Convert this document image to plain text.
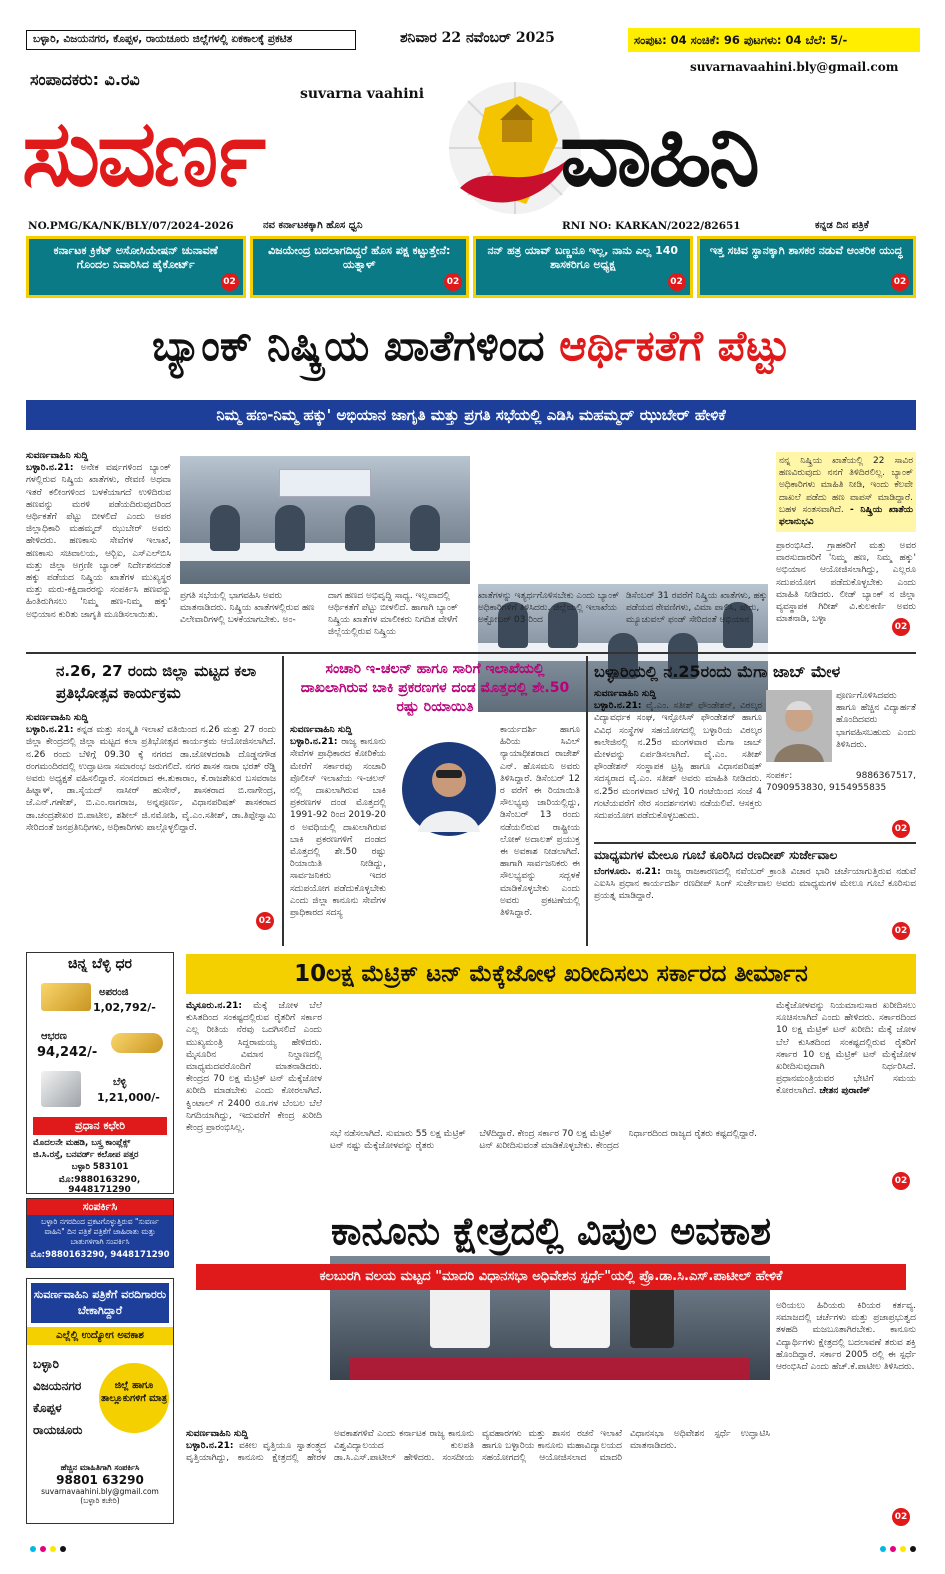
ಬಳ್ಳಾರಿ, ವಿಜಯನಗರ, ಕೊಪ್ಪಳ, ರಾಯಚೂರು ಜಿಲ್ಲೆಗಳಲ್ಲಿ ಏಕಕಾಲಕ್ಕೆ ಪ್ರಕಟಿತ	ಶನಿವಾರ 22 ನವೆಂಬರ್ 2025	ಸಂಪುಟ: 04 ಸಂಚಿಕೆ: 96 ಪುಟಗಳು: 04 ಬೆಲೆ: 5/-
suvarnavaahini.bly@gmail.com
ಸಂಪಾದಕರು: ವಿ.ರವಿ
suvarna vaahini
ಸುವರ್ಣ	ವಾಹಿನಿ
NO.PMG/KA/NK/BLY/07/2024-2026	ನವ ಕರ್ನಾಟಕಕ್ಕಾಗಿ ಹೊಸ ಧ್ವನಿ	RNI NO: KARKAN/2022/82651	ಕನ್ನಡ ದಿನ ಪತ್ರಿಕೆ
ಕರ್ನಾಟಕ ಕ್ರಿಕೆಟ್ ಅಸೋಸಿಯೇಷನ್ ಚುನಾವಣೆ ಗೊಂದಲ ನಿವಾರಿಸಿದ ಹೈಕೋರ್ಟ್
02
ವಿಜಯೇಂದ್ರ ಬದಲಾಗದಿದ್ದರೆ ಹೊಸ ಪಕ್ಷ ಕಟ್ಟುತ್ತೇನೆ: ಯತ್ನಾಳ್
02
ನನ್ ಹತ್ರ ಯಾವ್ ಬಣ್ಣನೂ ಇಲ್ಲ, ನಾನು ಎಲ್ಲ 140 ಶಾಸಕರಿಗೂ ಅಧ್ಯಕ್ಷ
02
ಇತ್ತ ಸಚಿವ ಸ್ಥಾನಕ್ಕಾಗಿ ಶಾಸಕರ ನಡುವೆ ಆಂತರಿಕ ಯುದ್ಧ
02
ಬ್ಯಾಂಕ್ ನಿಷ್ಕ್ರಿಯ ಖಾತೆಗಳಿಂದ ಆರ್ಥಿಕತೆಗೆ ಪೆಟ್ಟು
ನಿಮ್ಮ ಹಣ-ನಿಮ್ಮ ಹಕ್ಕು' ಅಭಿಯಾನ ಜಾಗೃತಿ ಮತ್ತು ಪ್ರಗತಿ ಸಭೆಯಲ್ಲಿ ಎಡಿಸಿ ಮಹಮ್ಮದ್ ಝುಬೇರ್ ಹೇಳಿಕೆ
ಸುವರ್ಣವಾಹಿನಿ ಸುದ್ದಿ
ಬಳ್ಳಾರಿ.ನ.21: ಅನೇಕ ವರ್ಷಗಳಿಂದ ಬ್ಯಾಂಕ್ ಗಳಲ್ಲಿರುವ ನಿಷ್ಕ್ರಿಯ ಖಾತೆಗಳು, ಠೇವಣಿ ಅಥವಾ ಇತರೆ ಕಲೀಂಗಳಿಂದ ಬಳಕೆಯಾಗದೆ ಉಳಿದಿರುವ ಹಣವನ್ನು ಮರಳಿ ಪಡೆಯದಿರುವುದರಿಂದ ಆರ್ಥಿಕತೆಗೆ ಪೆಟ್ಟು ಬೀಳಲಿದೆ ಎಂದು ಅಪರ ಜಿಲ್ಲಾಧಿಕಾರಿ ಮಹಮ್ಮದ್ ಝುಬೇರ್ ಅವರು ಹೇಳಿದರು. ಹಣಕಾಸು ಸೇವೆಗಳ ಇಲಾಖೆ, ಹಣಕಾಸು ಸಚಿವಾಲಯ, ಆರ್‍ಬಿಐ, ಎಸ್‍ಎಲ್‍ಬಿಸಿ ಮತ್ತು ಜಿಲ್ಲಾ ಅಗ್ರಣೀ ಬ್ಯಾಂಕ್ ನಿರ್ದೇಶನದಂತೆ ಹಕ್ಕು ಪಡೆಯದ ನಿಷ್ಕ್ರಿಯ ಖಾತೆಗಳ ಮುಖ್ಯಸ್ಥರ ಮತ್ತು ಮರು-ಕಕ್ಷಿದಾರರನ್ನು ಸಂಪರ್ಕಿಸಿ ಹಣವನ್ನು ಹಿಂತಿರುಗಿಸಲು 'ನಿಮ್ಮ ಹಣ-ನಿಮ್ಮ ಹಕ್ಕು' ಅಭಿಯಾನ ಕುರಿತು ಜಾಗೃತಿ ಮೂಡಿಸಲಾಯಿತು.
ಪ್ರಗತಿ ಸಭೆಯಲ್ಲಿ ಭಾಗವಹಿಸಿ ಅವರು ಮಾತನಾಡಿದರು. ನಿಷ್ಕ್ರಿಯ ಖಾತೆಗಳಲ್ಲಿರುವ ಹಣ ವಿಲೇವಾರಿಗಳಲ್ಲಿ ಬಳಕೆಯಾಗಬೇಕು. ಅಂ-
ದಾಗ ಹಣದ ಅಭಿವೃದ್ಧಿ ಸಾಧ್ಯ. ಇಲ್ಲವಾದಲ್ಲಿ ಆರ್ಥಿಕತೆಗೆ ಪೆಟ್ಟು ಬೀಳಲಿದೆ. ಹಾಗಾಗಿ ಬ್ಯಾಂಕ್ ನಿಷ್ಕ್ರಿಯ ಖಾತೆಗಳ ಮಾಲೀಕರು ನಿಗದಿತ ವೇಳೆಗೆ ಜಿಲ್ಲೆಯಲ್ಲಿರುವ ನಿಷ್ಕ್ರಿಯ
ಖಾತೆಗಳನ್ನು ಇತ್ಯರ್ಥಗೊಳಿಸಬೇಕು ಎಂದು ಬ್ಯಾಂಕ್ ಅಧಿಕಾರಿಗಳಿಗೆ ತಿಳಿಸಿದರು. ಜಿಲ್ಲೆಯಲ್ಲಿ ಇಲಾಖೆಯ ಅಕ್ಟೋಬರ್ 03 ರಿಂದ
ಡಿಸೆಂಬರ್ 31 ರವರೆಗೆ ನಿಷ್ಕ್ರಿಯ ಖಾತೆಗಳು, ಹಕ್ಕು ಪಡೆಯದ ಠೇವಣಿಗಳು, ವಿಮಾ ಪಾಲಿಸಿ, ಷೇರು, ಮ್ಯೂಚುವಲ್ ಫಂಡ್ ಸೇರಿದಂತೆ ಅಭಿಯಾನ
ನನ್ನ ನಿಷ್ಕ್ರಿಯ ಖಾತೆಯಲ್ಲಿ 22 ಸಾವಿರ ಹಣವಿರುವುದು ನನಗೆ ತಿಳಿದಿರಲಿಲ್ಲ. ಬ್ಯಾಂಕ್ ಅಧಿಕಾರಿಗಳು ಮಾಹಿತಿ ನೀಡಿ, ಇಂದು ಕೆಲವೇ ದಾಖಲೆ ಪಡೆದು ಹಣ ವಾಪಸ್ ಮಾಡಿದ್ದಾರೆ. ಬಹಳ ಸಂತಸವಾಗಿದೆ. - ನಿಷ್ಕ್ರಿಯ ಖಾತೆಯ ಫಲಾನುಭವಿ
ಪ್ರಾರಂಭಿಸಿದೆ. ಗ್ರಾಹಕರಿಗೆ ಮತ್ತು ಅವರ ವಾರಸುದಾರರಿಗೆ 'ನಿಮ್ಮ ಹಣ, ನಿಮ್ಮ ಹಕ್ಕು' ಅಭಿಯಾನ ಆಯೋಜಿಸಲಾಗಿದ್ದು, ಎಲ್ಲರೂ ಸದುಪಯೋಗ ಪಡೆದುಕೊಳ್ಳಬೇಕು ಎಂದು ಮಾಹಿತಿ ನೀಡಿದರು. ಲೀಡ್ ಬ್ಯಾಂಕ್ ನ ಜಿಲ್ಲಾ ವ್ಯವಸ್ಥಾಪಕ ಗಿರೀಶ್ ವಿ.ಕುಲಕರ್ಣಿ ಅವರು ಮಾತನಾಡಿ, ಬಳ್ಳಾ
02
ನ.26, 27 ರಂದು ಜಿಲ್ಲಾ ಮಟ್ಟದ ಕಲಾ ಪ್ರತಿಭೋತ್ಸವ ಕಾರ್ಯಕ್ರಮ
ಸುವರ್ಣವಾಹಿನಿ ಸುದ್ದಿ
ಬಳ್ಳಾರಿ.ನ.21: ಕನ್ನಡ ಮತ್ತು ಸಂಸ್ಕೃತಿ ಇಲಾಖೆ ವತಿಯಿಂದ ನ.26 ಮತ್ತು 27 ರಂದು ಜಿಲ್ಲಾ ಕೇಂದ್ರದಲ್ಲಿ ಜಿಲ್ಲಾ ಮಟ್ಟದ ಕಲಾ ಪ್ರತಿಭೋತ್ಸವ ಕಾರ್ಯಕ್ರಮ ಆಯೋಜಿಸಲಾಗಿದೆ. ನ.26 ರಂದು ಬೆಳಿಗ್ಗೆ 09.30 ಕ್ಕೆ ನಗರದ ಡಾ.ಜೋಳದರಾಶಿ ದೊಡ್ಡನಗೌಡ ರಂಗಮಂದಿರದಲ್ಲಿ ಉದ್ಘಾಟನಾ ಸಮಾರಂಭ ಜರುಗಲಿದೆ. ನಗರ ಶಾಸಕ ನಾರಾ ಭರತ್ ರೆಡ್ಡಿ ಅವರು ಅಧ್ಯಕ್ಷತೆ ವಹಿಸಲಿದ್ದಾರೆ. ಸಂಸದರಾದ ಈ.ತುಕಾರಾಂ, ಕೆ.ರಾಜಶೇಖರ ಬಸವರಾಜ ಹಿಟ್ನಾಳ್, ಡಾ.ಸೈಯದ್ ನಾಸೀರ್ ಹುಸೇನ್, ಶಾಸಕರಾದ ಬಿ.ನಾಗೇಂದ್ರ, ಜೆ.ಎನ್.ಗಣೇಶ್, ಬಿ.ಎಂ.ನಾಗರಾಜ, ಅನ್ನಪೂರ್ಣ, ವಿಧಾನಪರಿಷತ್ ಶಾಸಕರಾದ ಡಾ.ಚಂದ್ರಶೇಖರ ಬಿ.ಪಾಟೀಲ, ಶಶೀಲ್ ಜಿ.ನಮೋಶಿ, ವೈ.ಎಂ.ಸತೀಶ್, ಡಾ.ತಿಪ್ಪೇಸ್ವಾಮಿ ಸೇರಿದಂತೆ ಜನಪ್ರತಿನಿಧಿಗಳು, ಅಧಿಕಾರಿಗಳು ಪಾಲ್ಗೊಳ್ಳಲಿದ್ದಾರೆ.
02
ಸಂಚಾರಿ ಇ-ಚಲನ್ ಹಾಗೂ ಸಾರಿಗೆ ಇಲಾಖೆಯಲ್ಲಿ ದಾಖಲಾಗಿರುವ ಬಾಕಿ ಪ್ರಕರಣಗಳ ದಂಡ ಮೊತ್ತದಲ್ಲಿ ಶೇ.50 ರಷ್ಟು ರಿಯಾಯಿತಿ
ಸುವರ್ಣವಾಹಿನಿ ಸುದ್ದಿ
ಬಳ್ಳಾರಿ.ನ.21: ರಾಜ್ಯ ಕಾನೂನು ಸೇವೆಗಳ ಪ್ರಾಧಿಕಾರದ ಕೋರಿಕೆಯ ಮೇರೆಗೆ ಸರ್ಕಾರವು ಸಂಚಾರಿ ಪೊಲೀಸ್ ಇಲಾಖೆಯ ಇ-ಚಲನ್ ನಲ್ಲಿ ದಾಖಲಾಗಿರುವ ಬಾಕಿ ಪ್ರಕರಣಗಳ ದಂಡ ಮೊತ್ತದಲ್ಲಿ 1991-92 ರಿಂದ 2019-20 ರ ಅವಧಿಯಲ್ಲಿ ದಾಖಲಾಗಿರುವ ಬಾಕಿ ಪ್ರಕರಣಗಳಿಗೆ ದಂಡದ ಮೊತ್ತದಲ್ಲಿ ಶೇ.50 ರಷ್ಟು ರಿಯಾಯಿತಿ ನೀಡಿದ್ದು, ಸಾರ್ವಜನಿಕರು ಇದರ ಸದುಪಯೋಗ ಪಡೆದುಕೊಳ್ಳಬೇಕು ಎಂದು ಜಿಲ್ಲಾ ಕಾನೂನು ಸೇವೆಗಳ ಪ್ರಾಧಿಕಾರದ ಸದಸ್ಯ
ಕಾರ್ಯದರ್ಶಿ ಹಾಗೂ ಹಿರಿಯ ಸಿವಿಲ್ ನ್ಯಾಯಾಧೀಶರಾದ ರಾಜೇಶ್ ಎನ್. ಹೊಸಮನಿ ಅವರು ತಿಳಿಸಿದ್ದಾರೆ. ಡಿಸೆಂಬರ್ 12 ರ ವರೆಗೆ ಈ ರಿಯಾಯಿತಿ ಸೌಲಭ್ಯವು ಜಾರಿಯಲ್ಲಿದ್ದು, ಡಿಸೆಂಬರ್ 13 ರಂದು ನಡೆಯಲಿರುವ ರಾಷ್ಟ್ರೀಯ ಲೋಕ್ ಅದಾಲತ್ ಪ್ರಯುಕ್ತ ಈ ಅವಕಾಶ ನೀಡಲಾಗಿದೆ. ಹಾಗಾಗಿ ಸಾರ್ವಜನಿಕರು ಈ ಸೌಲಭ್ಯವನ್ನು ಸದ್ಬಳಕೆ ಮಾಡಿಕೊಳ್ಳಬೇಕು ಎಂದು ಅವರು ಪ್ರಕಟಣೆಯಲ್ಲಿ ತಿಳಿಸಿದ್ದಾರೆ.
ಬಳ್ಳಾರಿಯಲ್ಲಿ ನ.25ರಂದು ಮೆಗಾ ಜಾಬ್ ಮೇಳ
ಸುವರ್ಣವಾಹಿನಿ ಸುದ್ದಿ
ಬಳ್ಳಾರಿ.ನ.21: ವೈ.ಎಂ. ಸತೀಶ್ ಫೌಂಡೇಶನ್, ವಿಠಲ್ಕರ ವಿದ್ಯಾವರ್ಧಕ ಸಂಘ, ಇನ್ಫೋಸಿಸ್ ಫೌಂಡೇಶನ್ ಹಾಗೂ ವಿವಿಧ ಸಂಸ್ಥೆಗಳ ಸಹಯೋಗದಲ್ಲಿ ಬಳ್ಳಾರಿಯ ವಿಠಲ್ಕರ ಕಾಲೇಜಿನಲ್ಲಿ ನ.25ರ ಮಂಗಳವಾರ ಮೆಗಾ ಜಾಬ್ ಮೇಳವನ್ನು ಏರ್ಪಡಿಸಲಾಗಿದೆ. ವೈ.ಎಂ. ಸತೀಶ್ ಫೌಂಡೇಶನ್ ಸಂಸ್ಥಾಪಕ ಟ್ರಸ್ಟಿ ಹಾಗೂ ವಿಧಾನಪರಿಷತ್ ಸದಸ್ಯರಾದ ವೈ.ಎಂ. ಸತೀಶ್ ಅವರು ಮಾಹಿತಿ ನೀಡಿದರು. ನ.25ರ ಮಂಗಳವಾರ ಬೆಳಿಗ್ಗೆ 10 ಗಂಟೆಯಿಂದ ಸಂಜೆ 4 ಗಂಟೆಯವರೆಗೆ ನೇರ ಸಂದರ್ಶನಗಳು ನಡೆಯಲಿವೆ. ಆಸಕ್ತರು ಸದುಪಯೋಗ ಪಡೆದುಕೊಳ್ಳಬಹುದು.
ಪೂರ್ಣಗೊಳಿಸಿದವರು ಹಾಗೂ ಹೆಚ್ಚಿನ ವಿದ್ಯಾರ್ಹತೆ ಹೊಂದಿದವರು ಭಾಗವಹಿಸಬಹುದು ಎಂದು ತಿಳಿಸಿದರು.
ಸಂಪರ್ಕ: 9886367517, 7090953830, 9154955835
02
ಮಾಧ್ಯಮಗಳ ಮೇಲೂ ಗೂಬೆ ಕೂರಿಸಿದ ರಣದೀಪ್ ಸುರ್ಜೇವಾಲ
ಬೆಂಗಳೂರು. ನ.21: ರಾಜ್ಯ ರಾಜಕಾರಣದಲ್ಲಿ ನವೆಂಬರ್ ಕ್ರಾಂತಿ ವಿಚಾರ ಭಾರಿ ಚರ್ಚೆಯಾಗುತ್ತಿರುವ ನಡುವೆ ಎಐಸಿಸಿ ಪ್ರಧಾನ ಕಾರ್ಯದರ್ಶಿ ರಣದೀಪ್ ಸಿಂಗ್ ಸುರ್ಜೇವಾಲ ಅವರು ಮಾಧ್ಯಮಗಳ ಮೇಲೂ ಗೂಬೆ ಕೂರಿಸುವ ಪ್ರಯತ್ನ ಮಾಡಿದ್ದಾರೆ.
02
ಚಿನ್ನ ಬೆಳ್ಳಿ ಧರ
ಅಪರಂಜಿ
1,02,792/-
ಆಭರಣ
94,242/-
ಬೆಳ್ಳಿ
1,21,000/-
ಪ್ರಧಾನ ಕಛೇರಿ
ಮೊದಲನೇ ಮಹಡಿ, ಬಸ್ತ್ರ ಕಾಂಪ್ಲೆಕ್ಸ್
ಜಿ.ಸಿ.ರಸ್ತೆ, ಬನವರ್ಡ್ ಕಲೋಪ ಪತ್ತರ
ಬಳ್ಳಾರಿ 583101
ಮೊ:9880163290, 9448171290
ಸಂಪರ್ಕಿಸಿ
ಬಳ್ಳಾರಿ ನಗರದಿಂದ ಪ್ರಕಟಗೊಳ್ಳುತ್ತಿರುವ "ಸುವರ್ಣ ವಾಹಿನಿ" ದಿನ ಪತ್ರಿಕೆ ಪತ್ರಿಕೆಗೆ ಜಾಹಿರಾತು ಮತ್ತು ಬಾತುಗಳಿಗಾಗಿ ಸಂಪರ್ಕಿಸಿ
ಮೊ:9880163290, 9448171290
ಸುವರ್ಣವಾಹಿನಿ ಪತ್ರಿಕೆಗೆ ವರದಿಗಾರರು ಬೇಕಾಗಿದ್ದಾರೆ
ಎಲ್ಲೆಲ್ಲಿ ಉದ್ಯೋಗ ಅವಕಾಶ
ಬಳ್ಳಾರಿ
ವಿಜಯನಗರ
ಕೊಪ್ಪಳ
ರಾಯಚೂರು
ಜಿಲ್ಲೆ ಹಾಗೂ ತಾಲ್ಲೂಕುಗಳಿಗೆ ಮಾತ್ರ
ಹೆಚ್ಚಿನ ಮಾಹಿತಿಗಾಗಿ ಸಂಪರ್ಕಿಸಿ
98801 63290
suvarnavaahini.bly@gmail.com
(ಬಳ್ಳಾರಿ ಕಚೇರಿ)
10ಲಕ್ಷ ಮೆಟ್ರಿಕ್ ಟನ್ ಮೆಕ್ಕೆಜೋಳ ಖರೀದಿಸಲು ಸರ್ಕಾರದ ತೀರ್ಮಾನ
ಮೈಸೂರು.ನ.21: ಮೆಕ್ಕೆ ಜೋಳ ಬೆಲೆ ಕುಸಿತದಿಂದ ಸಂಕಷ್ಟದಲ್ಲಿರುವ ರೈತರಿಗೆ ಸರ್ಕಾರ ಎಲ್ಲ ರೀತಿಯ ನೆರವು ಒದಗಿಸಲಿದೆ ಎಂದು ಮುಖ್ಯಮಂತ್ರಿ ಸಿದ್ದರಾಮಯ್ಯ ಹೇಳಿದರು. ಮೈಸೂರಿನ ವಿಮಾನ ನಿಲ್ದಾಣದಲ್ಲಿ ಮಾಧ್ಯಮದವರೊಂದಿಗೆ ಮಾತನಾಡಿದರು. ಕೇಂದ್ರದ 70 ಲಕ್ಷ ಮೆಟ್ರಿಕ್ ಟನ್ ಮೆಕ್ಕೆಜೋಳ ಖರೀದಿ ಮಾಡಬೇಕು ಎಂದು ಕೋರಲಾಗಿದೆ. ಕ್ವಿಂಟಾಲ್ ಗೆ 2400 ರೂ.ಗಳ ಬೆಂಬಲ ಬೆಲೆ ನಿಗದಿಯಾಗಿದ್ದು, ಇದುವರೆಗೆ ಕೇಂದ್ರ ಖರೀದಿ ಕೇಂದ್ರ ಪ್ರಾರಂಭಿಸಿಲ್ಲ.
ಸಭೆ ನಡೆಸಲಾಗಿದೆ. ಸುಮಾರು 55 ಲಕ್ಷ ಮೆಟ್ರಿಕ್ ಟನ್ ನಷ್ಟು ಮೆಕ್ಕೆಜೋಳವನ್ನು ರೈತರು ಬೆಳೆದಿದ್ದಾರೆ. ಕೇಂದ್ರ ಸರ್ಕಾರ 70 ಲಕ್ಷ ಮೆಟ್ರಿಕ್ ಟನ್ ಖರೀದಿಸುವಂತೆ ಮಾಡಿಕೊಳ್ಳಬೇಕು. ಕೇಂದ್ರದ ನಿರ್ಧಾರದಿಂದ ರಾಜ್ಯದ ರೈತರು ಕಷ್ಟದಲ್ಲಿದ್ದಾರೆ.
ಮೆಕ್ಕೆಜೋಳವನ್ನು ನಿಯಮಾನುಸಾರ ಖರೀದಿಸಲು ಸೂಚಿಸಲಾಗಿದೆ ಎಂದು ಹೇಳಿದರು. ಸರ್ಕಾರದಿಂದ 10 ಲಕ್ಷ ಮೆಟ್ರಿಕ್ ಟನ್ ಖರೀದಿ: ಮೆಕ್ಕೆ ಜೋಳ ಬೆಲೆ ಕುಸಿತದಿಂದ ಸಂಕಷ್ಟದಲ್ಲಿರುವ ರೈತರಿಗೆ ಸರ್ಕಾರ 10 ಲಕ್ಷ ಮೆಟ್ರಿಕ್ ಟನ್ ಮೆಕ್ಕೆಜೋಳ ಖರೀದಿಸುವುದಾಗಿ ನಿರ್ಧರಿಸಿದೆ. ಪ್ರಧಾನಮಂತ್ರಿಯವರ ಭೇಟಿಗೆ ಸಮಯ ಕೋರಲಾಗಿದೆ. ಚೇತನ ಪುರಾಣಿಕ್
02
ಕಾನೂನು ಕ್ಷೇತ್ರದಲ್ಲಿ ವಿಪುಲ ಅವಕಾಶ
ಕಲಬುರಗಿ ವಲಯ ಮಟ್ಟದ "ಮಾದರಿ ವಿಧಾನಸಭಾ ಅಧಿವೇಶನ ಸ್ಪರ್ಧೆ"ಯಲ್ಲಿ ಪ್ರೊ.ಡಾ.ಸಿ.ಎಸ್.ಪಾಟೀಲ್ ಹೇಳಿಕೆ
ಸುವರ್ಣವಾಹಿನಿ ಸುದ್ದಿ
ಬಳ್ಳಾರಿ.ನ.21: ವಕೀಲ ವೃತ್ತಿಯೂ ಸ್ವಾತಂತ್ರ್ಯದ ವೃತ್ತಿಯಾಗಿದ್ದು, ಕಾನೂನು ಕ್ಷೇತ್ರದಲ್ಲಿ ಹೇರಳ ಅವಕಾಶಗಳಿವೆ ಎಂದು ಕರ್ನಾಟಕ ರಾಜ್ಯ ಕಾನೂನು ವಿಶ್ವವಿದ್ಯಾಲಯದ ಕುಲಪತಿ ಡಾ.ಸಿ.ಎಸ್.ಪಾಟೀಲ್ ಹೇಳಿದರು. ಸಂಸದೀಯ ವ್ಯವಹಾರಗಳು ಮತ್ತು ಶಾಸನ ರಚನೆ ಇಲಾಖೆ ಹಾಗೂ ಬಳ್ಳಾರಿಯ ಕಾನೂನು ಮಹಾವಿದ್ಯಾಲಯದ ಸಹಯೋಗದಲ್ಲಿ ಆಯೋಜಿಸಲಾದ ಮಾದರಿ ವಿಧಾನಸಭಾ ಅಧಿವೇಶನ ಸ್ಪರ್ಧೆ ಉದ್ಘಾಟಿಸಿ ಮಾತನಾಡಿದರು.
ಅರಿಯಲು ಹಿರಿಯರು ಕಿರಿಯರ ಕರ್ತವ್ಯ. ಸಮಾಜದಲ್ಲಿ ಚರ್ಚೆಗಳು ಮತ್ತು ಪ್ರಜಾಪ್ರಭುತ್ವದ ತಳಹದಿ ಮಜಬೂತಾಗಿರಬೇಕು. ಕಾನೂನು ವಿದ್ಯಾರ್ಥಿಗಳು ಕ್ಷೇತ್ರದಲ್ಲಿ ಬದಲಾವಣೆ ತರುವ ಶಕ್ತಿ ಹೊಂದಿದ್ದಾರೆ. ಸರ್ಕಾರ 2005 ರಲ್ಲಿ ಈ ಸ್ಪರ್ಧೆ ಆರಂಭಿಸಿದೆ ಎಂದು ಹೆಚ್.ಕೆ.ಪಾಟೀಲ ತಿಳಿಸಿದರು.
02
